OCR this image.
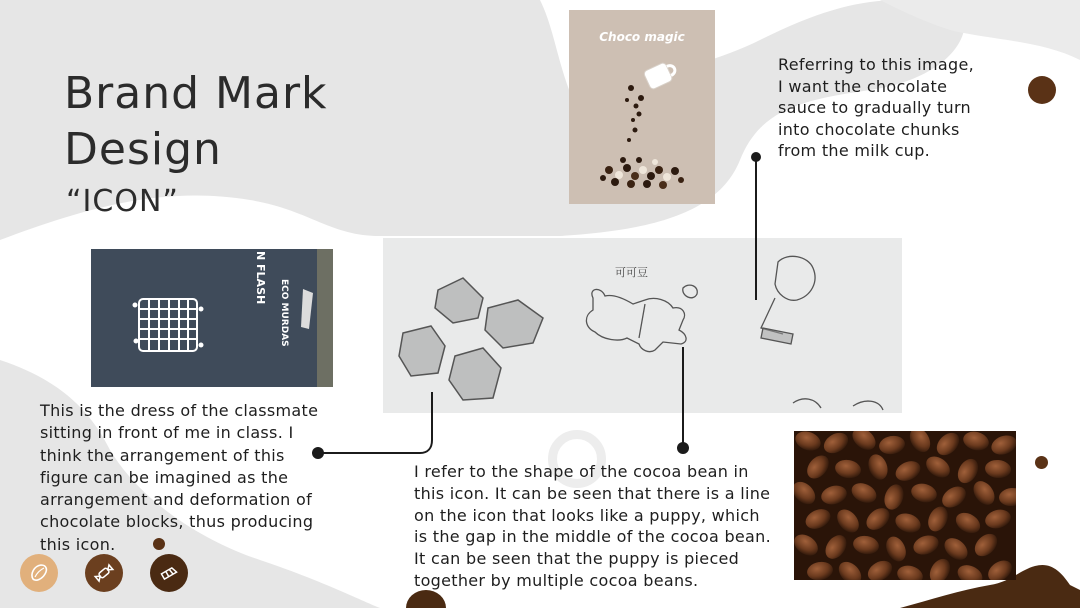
Brand Mark
Design
“ICON”
Choco magic
Referring to this image,
I want the chocolate
sauce to gradually turn
into chocolate chunks
from the milk cup.
N FLASH
ECO MURDAS
可可豆
This is the dress of the classmate
sitting in front of me in class. I
think the arrangement of this
figure can be imagined as the
arrangement and deformation of
chocolate blocks, thus producing
this icon.
I refer to the shape of the cocoa bean in
this icon. It can be seen that there is a line
on the icon that looks like a puppy, which
is the gap in the middle of the cocoa bean.
It can be seen that the puppy is pieced
together by multiple cocoa beans.
